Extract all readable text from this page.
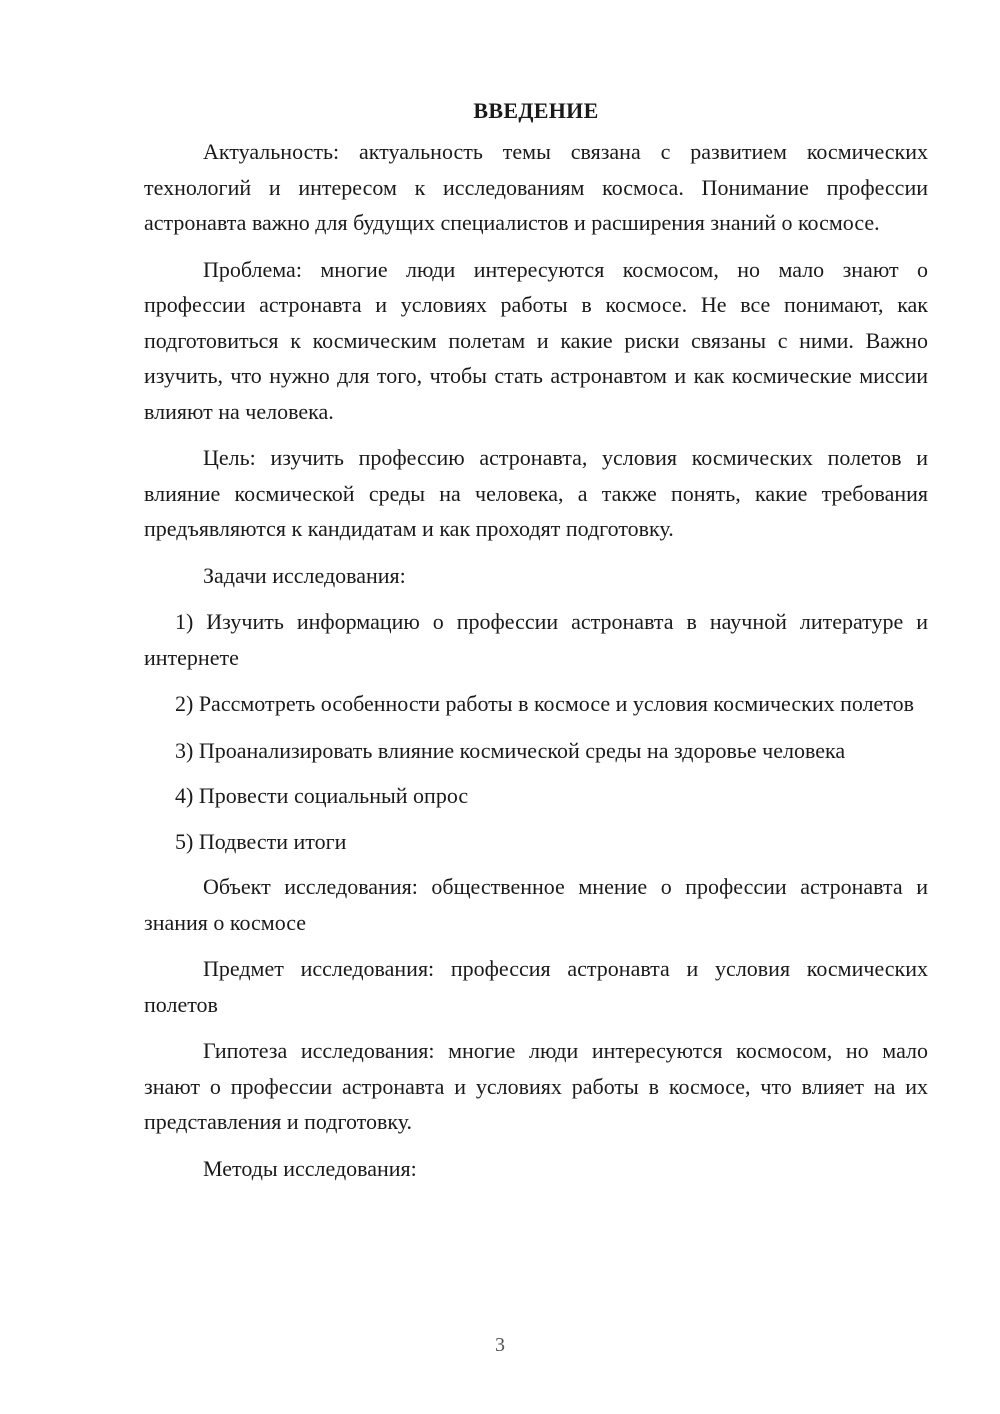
ВВЕДЕНИЕ

Актуальность: актуальность темы связана с развитием космических технологий и интересом к исследованиям космоса. Понимание профессии астронавта важно для будущих специалистов и расширения знаний о космосе.

Проблема: многие люди интересуются космосом, но мало знают о профессии астронавта и условиях работы в космосе. Не все понимают, как подготовиться к космическим полетам и какие риски связаны с ними. Важно изучить, что нужно для того, чтобы стать астронавтом и как космические миссии влияют на человека.

Цель: изучить профессию астронавта, условия космических полетов и влияние космической среды на человека, а также понять, какие требования предъявляются к кандидатам и как проходят подготовку.

Задачи исследования:

1) Изучить информацию о профессии астронавта в научной литературе и интернете

2) Рассмотреть особенности работы в космосе и условия космических полетов

3) Проанализировать влияние космической среды на здоровье человека

4) Провести социальный опрос

5) Подвести итоги

Объект исследования: общественное мнение о профессии астронавта и знания о космосе

Предмет исследования: профессия астронавта и условия космических полетов

Гипотеза исследования: многие люди интересуются космосом, но мало знают о профессии астронавта и условиях работы в космосе, что влияет на их представления и подготовку.

Методы исследования:

3
